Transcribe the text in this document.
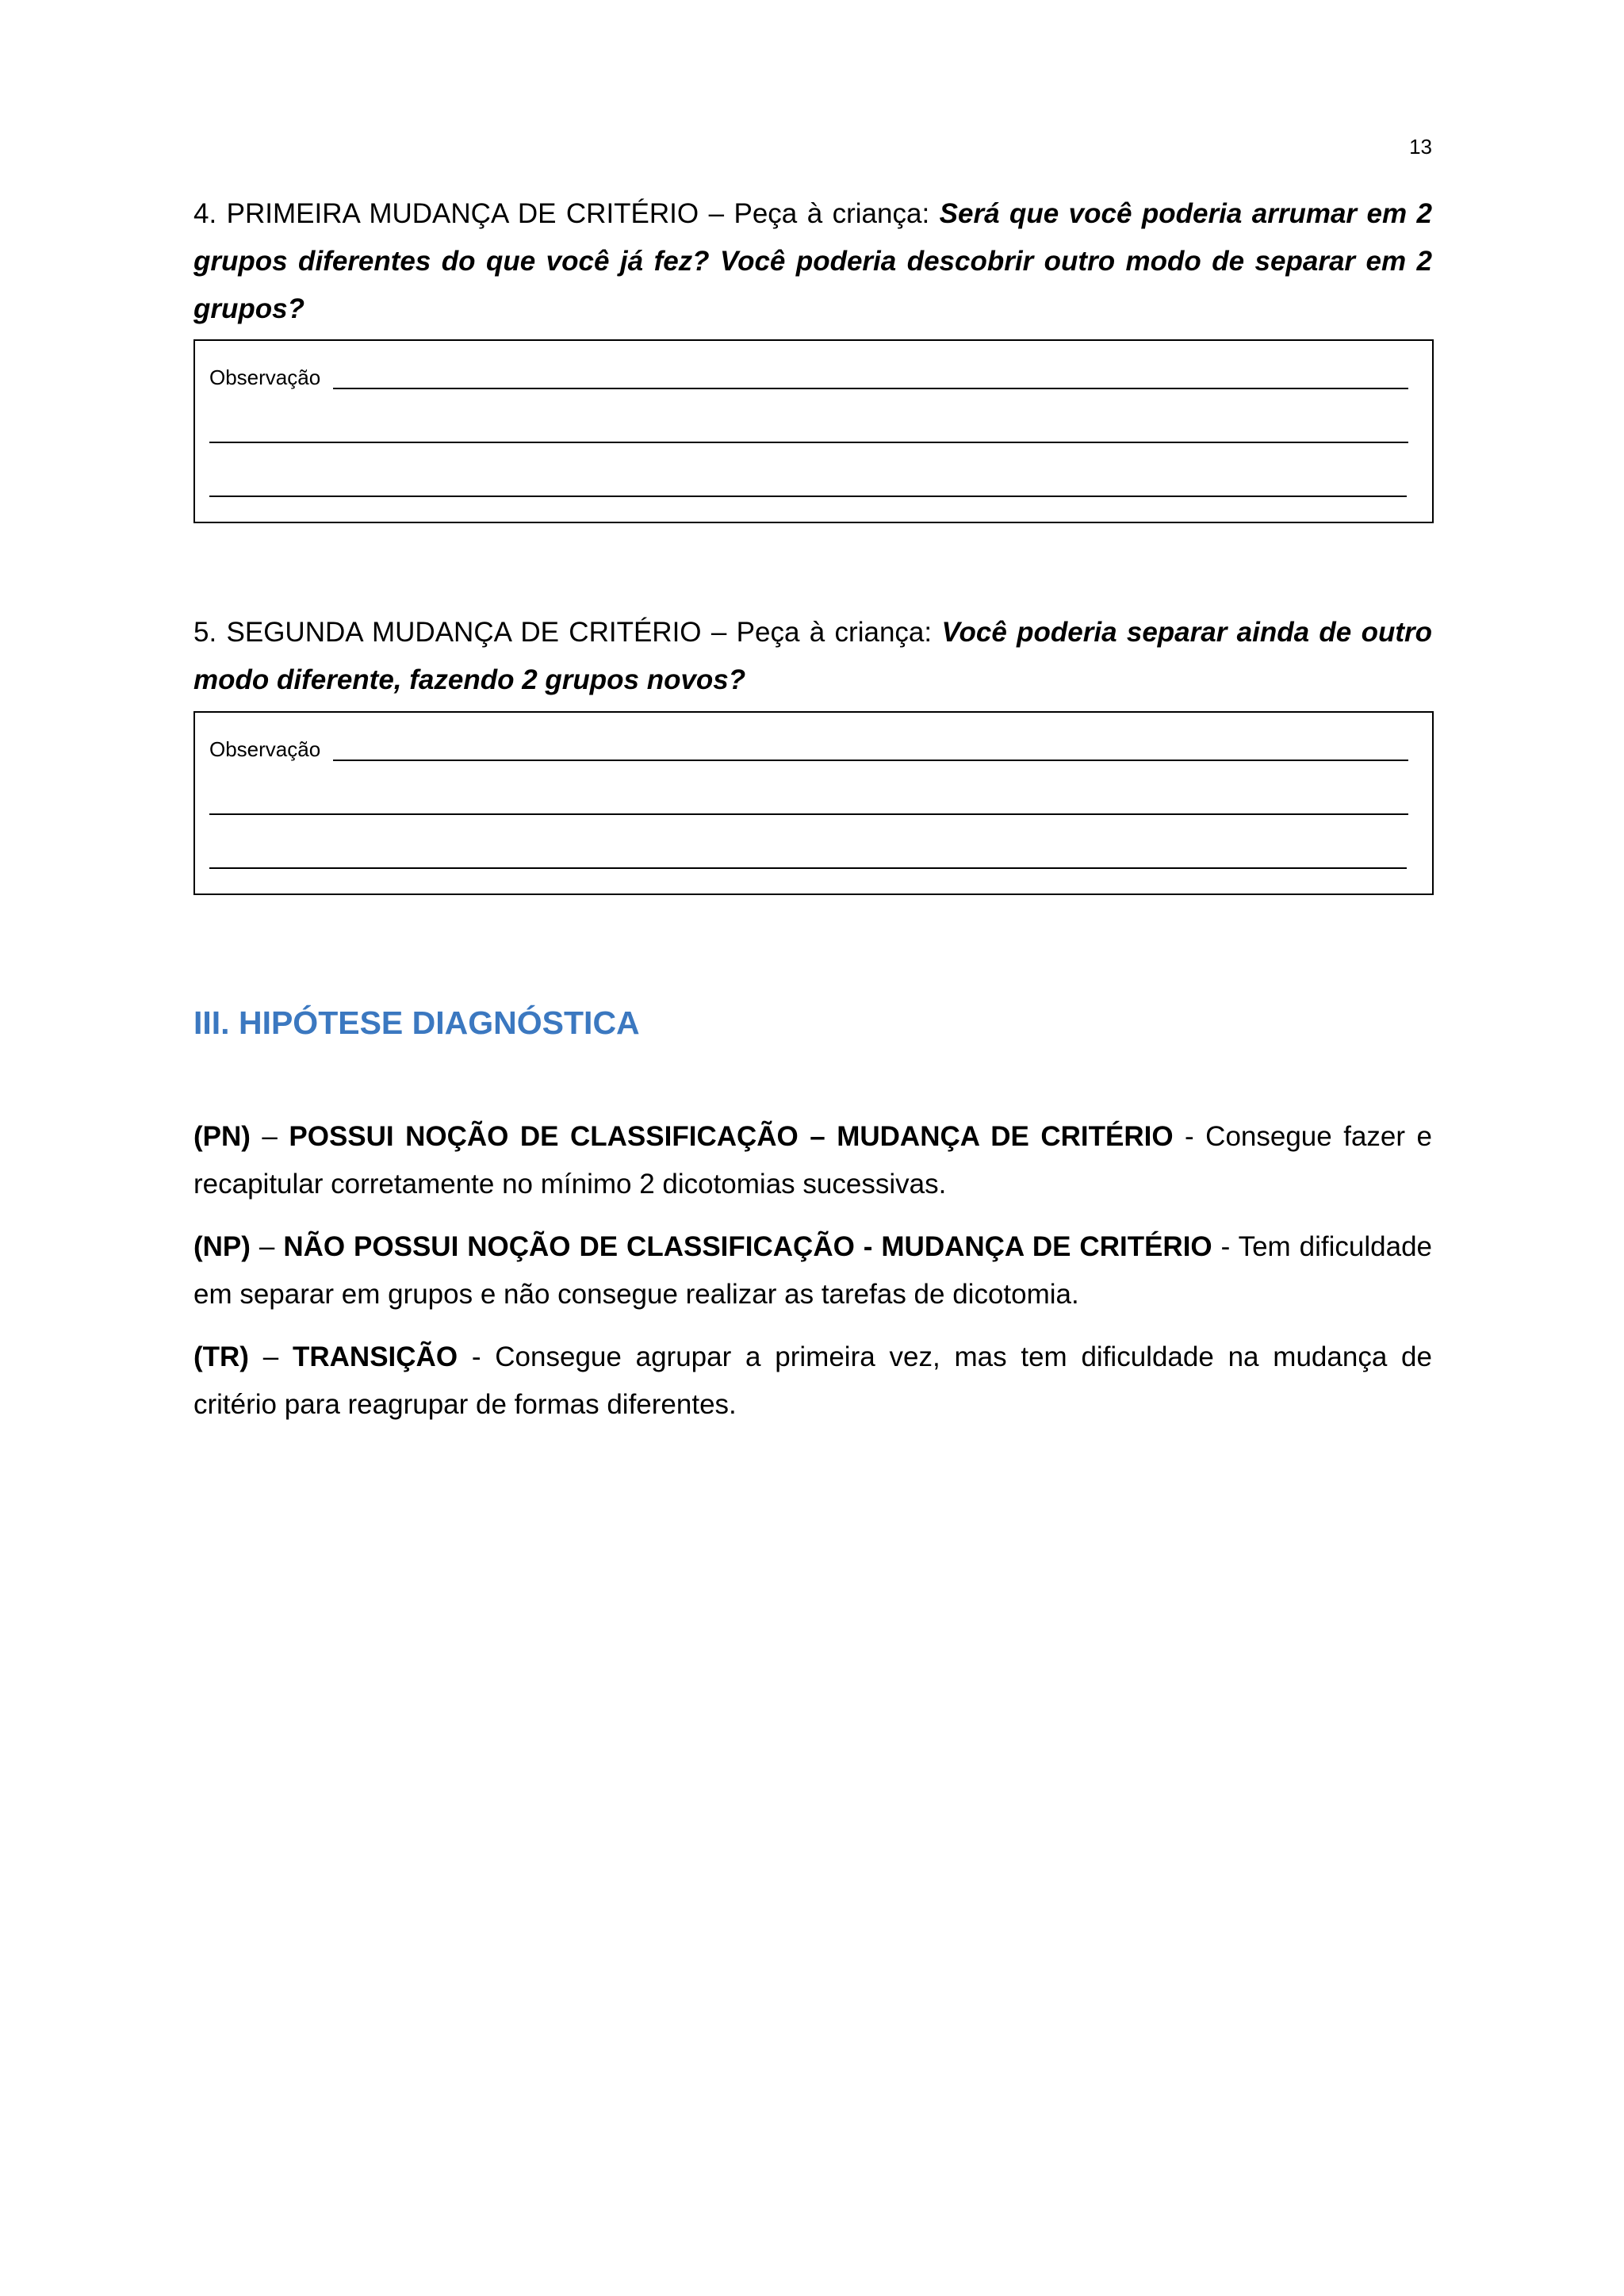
13

4. PRIMEIRA MUDANÇA DE CRITÉRIO – Peça à criança: Será que você poderia arrumar em 2 grupos diferentes do que você já fez? Você poderia descobrir outro modo de separar em 2 grupos?

Observação

5. SEGUNDA MUDANÇA DE CRITÉRIO – Peça à criança: Você poderia separar ainda de outro modo diferente, fazendo 2 grupos novos?

Observação
III. HIPÓTESE DIAGNÓSTICA

(PN) – POSSUI NOÇÃO DE CLASSIFICAÇÃO – MUDANÇA DE CRITÉRIO - Consegue fazer e recapitular corretamente no mínimo 2 dicotomias sucessivas.

(NP) – NÃO POSSUI NOÇÃO DE CLASSIFICAÇÃO - MUDANÇA DE CRITÉRIO - Tem dificuldade em separar em grupos e não consegue realizar as tarefas de dicotomia.

(TR) – TRANSIÇÃO - Consegue agrupar a primeira vez, mas tem dificuldade na mudança de critério para reagrupar de formas diferentes.
